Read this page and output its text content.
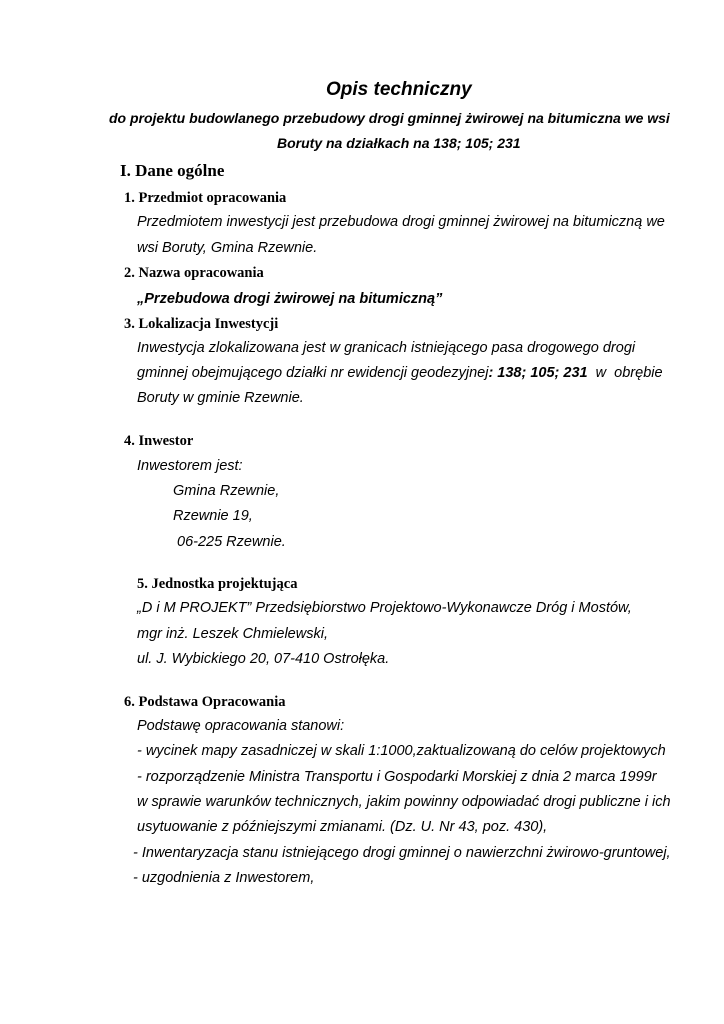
Opis techniczny
do projektu budowlanego przebudowy drogi gminnej żwirowej na bitumiczna we wsi
Boruty na działkach na 138; 105; 231
I. Dane ogólne
1. Przedmiot opracowania
Przedmiotem inwestycji jest przebudowa drogi gminnej żwirowej na bitumiczną we
wsi Boruty, Gmina Rzewnie.
2. Nazwa opracowania
„Przebudowa drogi żwirowej na bitumiczną”
3. Lokalizacja Inwestycji
Inwestycja zlokalizowana jest w granicach istniejącego pasa drogowego drogi
gminnej obejmującego działki nr ewidencji geodezyjnej: 138; 105; 231  w  obrębie
Boruty w gminie Rzewnie.
4. Inwestor
Inwestorem jest:
Gmina Rzewnie,
Rzewnie 19,
06-225 Rzewnie.
5. Jednostka projektująca
„D i M PROJEKT” Przedsiębiorstwo Projektowo-Wykonawcze Dróg i Mostów,
mgr inż. Leszek Chmielewski,
ul. J. Wybickiego 20, 07-410 Ostrołęka.
6. Podstawa Opracowania
Podstawę opracowania stanowi:
- wycinek mapy zasadniczej w skali 1:1000,zaktualizowaną do celów projektowych
- rozporządzenie Ministra Transportu i Gospodarki Morskiej z dnia 2 marca 1999r
w sprawie warunków technicznych, jakim powinny odpowiadać drogi publiczne i ich
usytuowanie z późniejszymi zmianami. (Dz. U. Nr 43, poz. 430),
- Inwentaryzacja stanu istniejącego drogi gminnej o nawierzchni żwirowo-gruntowej,
- uzgodnienia z Inwestorem,
